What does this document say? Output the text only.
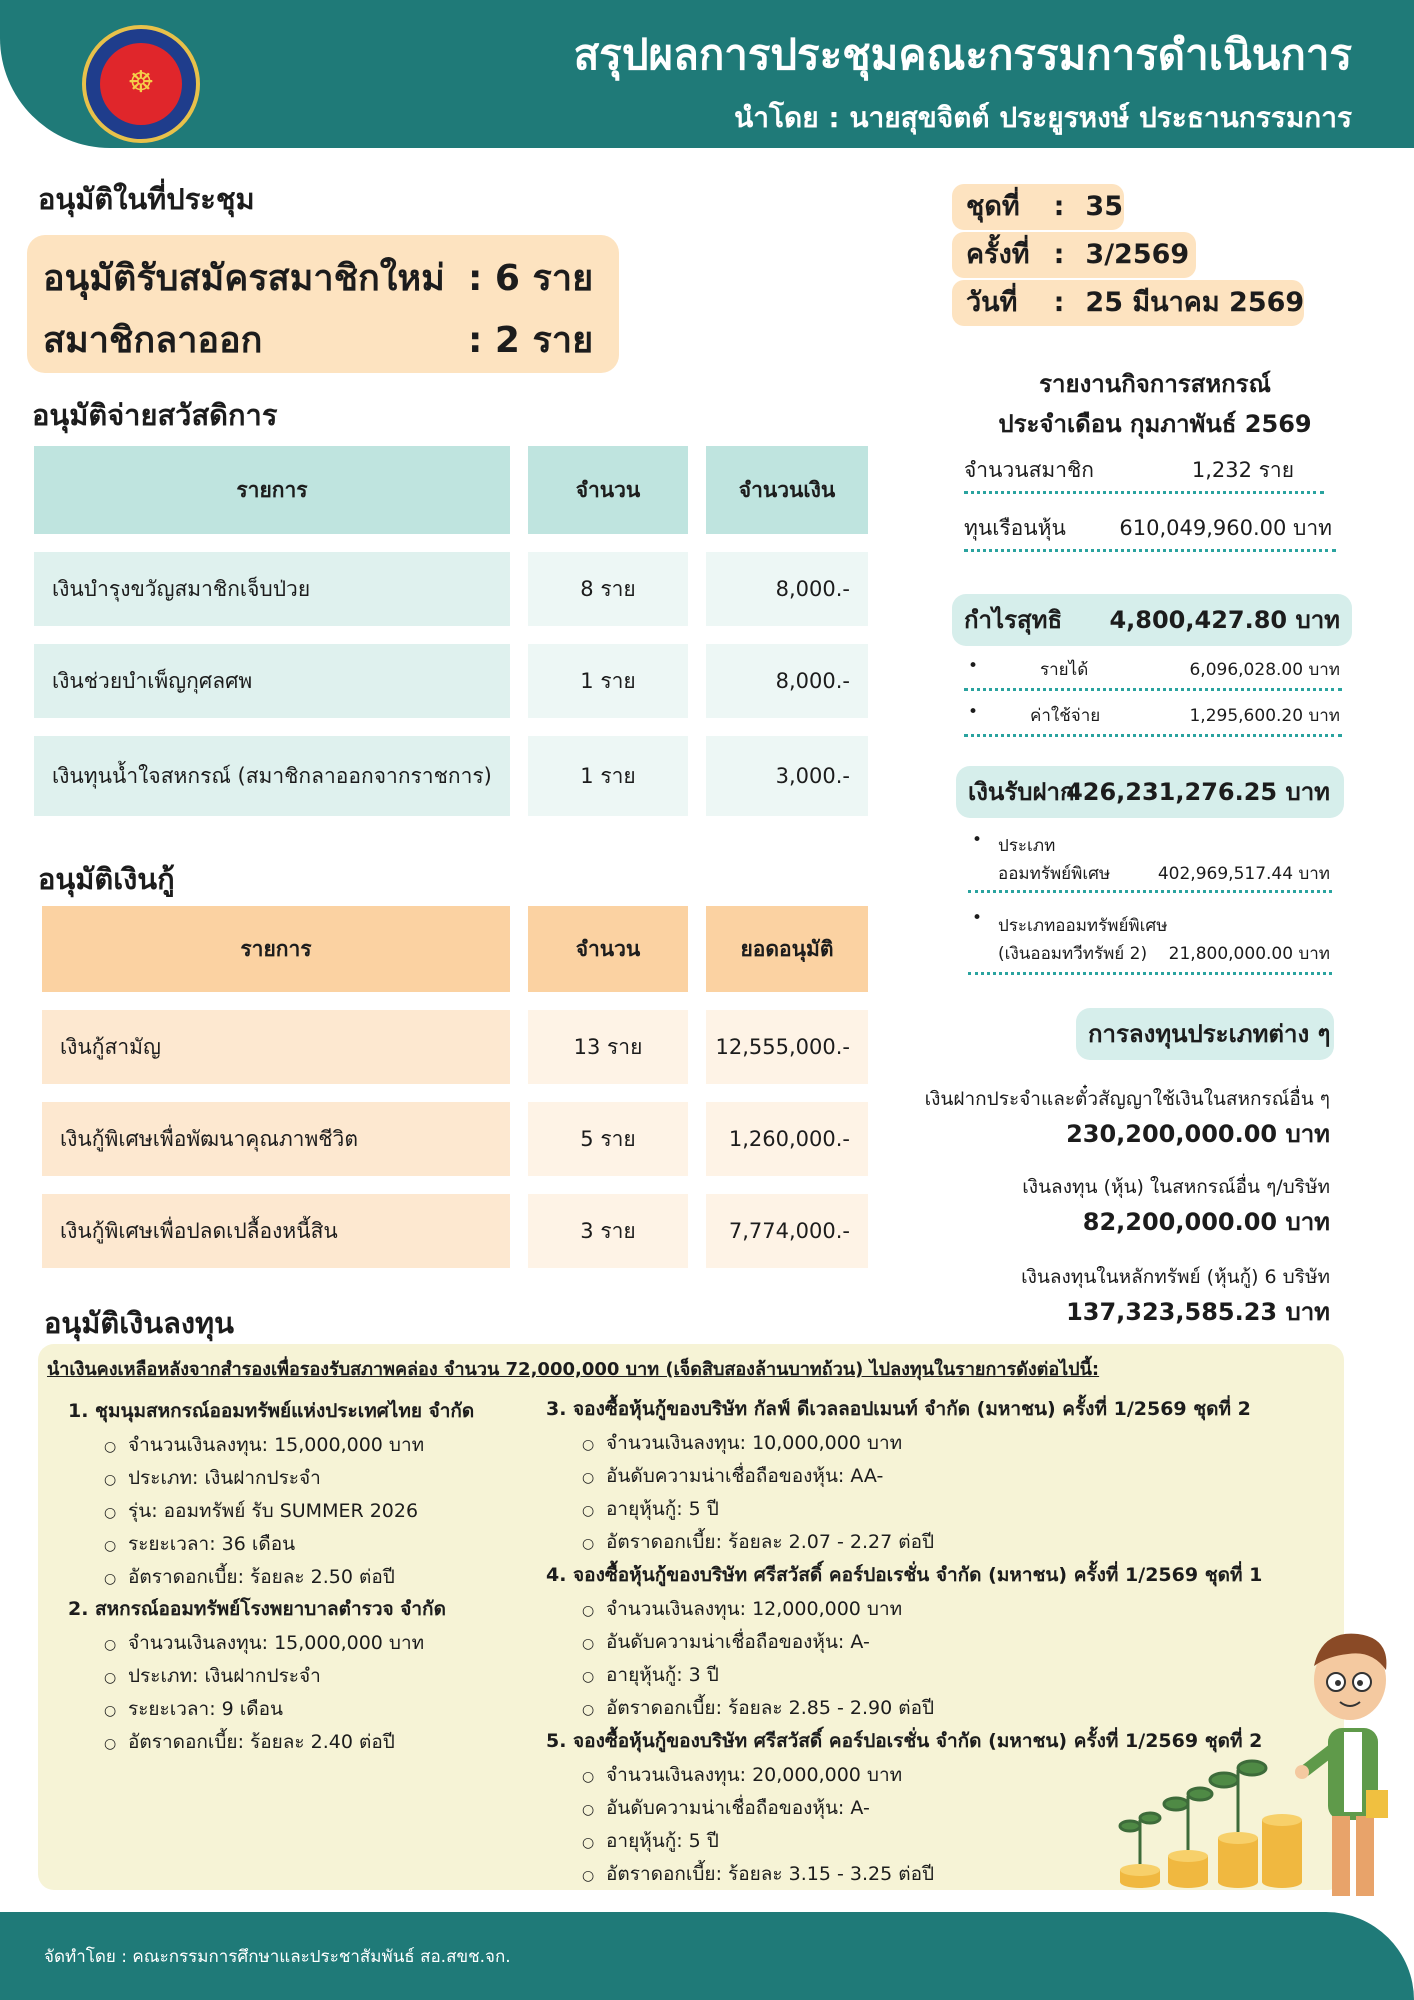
☸
สรุปผลการประชุมคณะกรรมการดำเนินการ
นำโดย : นายสุขจิตต์ ประยูรหงษ์ ประธานกรรมการ
อนุมัติในที่ประชุม
อนุมัติรับสมัครสมาชิกใหม่ : 6 ราย
สมาชิกลาออก	: 2 ราย
ชุดที่ : 35
ครั้งที่ : 3/2569
วันที่ : 25 มีนาคม 2569
อนุมัติจ่ายสวัสดิการ
รายการ	จำนวน	จำนวนเงิน
เงินบำรุงขวัญสมาชิกเจ็บป่วย	8 ราย	8,000.-
เงินช่วยบำเพ็ญกุศลศพ	1 ราย	8,000.-
เงินทุนน้ำใจสหกรณ์ (สมาชิกลาออกจากราชการ)	1 ราย	3,000.-
อนุมัติเงินกู้
รายการ	จำนวน	ยอดอนุมัติ
เงินกู้สามัญ	13 ราย	12,555,000.-
เงินกู้พิเศษเพื่อพัฒนาคุณภาพชีวิต	5 ราย	1,260,000.-
เงินกู้พิเศษเพื่อปลดเปลื้องหนี้สิน	3 ราย	7,774,000.-
รายงานกิจการสหกรณ์
ประจำเดือน กุมภาพันธ์ 2569
จำนวนสมาชิก	1,232 ราย
ทุนเรือนหุ้น	610,049,960.00 บาท
กำไรสุทธิ 4,800,427.80 บาท
•	รายได้	6,096,028.00 บาท
•	ค่าใช้จ่าย	1,295,600.20 บาท
เงินรับฝาก
426,231,276.25 บาท
• ประเภท
ออมทรัพย์พิเศษ	402,969,517.44 บาท
• ประเภทออมทรัพย์พิเศษ
(เงินออมทวีทรัพย์ 2) 21,800,000.00 บาท
การลงทุนประเภทต่าง ๆ
เงินฝากประจำและตั๋วสัญญาใช้เงินในสหกรณ์อื่น ๆ
230,200,000.00 บาท
เงินลงทุน (หุ้น) ในสหกรณ์อื่น ๆ/บริษัท
82,200,000.00 บาท
เงินลงทุนในหลักทรัพย์ (หุ้นกู้) 6 บริษัท
137,323,585.23 บาท
อนุมัติเงินลงทุน
นำเงินคงเหลือหลังจากสำรองเพื่อรองรับสภาพคล่อง จำนวน 72,000,000 บาท (เจ็ดสิบสองล้านบาทถ้วน) ไปลงทุนในรายการดังต่อไปนี้:
1. ชุมนุมสหกรณ์ออมทรัพย์แห่งประเทศไทย จำกัด
○ จำนวนเงินลงทุน: 15,000,000 บาท
○ ประเภท: เงินฝากประจำ
○ รุ่น: ออมทรัพย์ รับ SUMMER 2026
○ ระยะเวลา: 36 เดือน
○ อัตราดอกเบี้ย: ร้อยละ 2.50 ต่อปี
2. สหกรณ์ออมทรัพย์โรงพยาบาลตำรวจ จำกัด
○ จำนวนเงินลงทุน: 15,000,000 บาท
○ ประเภท: เงินฝากประจำ
○ ระยะเวลา: 9 เดือน
○ อัตราดอกเบี้ย: ร้อยละ 2.40 ต่อปี
3. จองซื้อหุ้นกู้ของบริษัท กัลฟ์ ดีเวลลอปเมนท์ จำกัด (มหาชน) ครั้งที่ 1/2569 ชุดที่ 2
○ จำนวนเงินลงทุน: 10,000,000 บาท
○ อันดับความน่าเชื่อถือของหุ้น: AA-
○ อายุหุ้นกู้: 5 ปี
○ อัตราดอกเบี้ย: ร้อยละ 2.07 - 2.27 ต่อปี
4. จองซื้อหุ้นกู้ของบริษัท ศรีสวัสดิ์ คอร์ปอเรชั่น จำกัด (มหาชน) ครั้งที่ 1/2569 ชุดที่ 1
○ จำนวนเงินลงทุน: 12,000,000 บาท
○ อันดับความน่าเชื่อถือของหุ้น: A-
○ อายุหุ้นกู้: 3 ปี
○ อัตราดอกเบี้ย: ร้อยละ 2.85 - 2.90 ต่อปี
5. จองซื้อหุ้นกู้ของบริษัท ศรีสวัสดิ์ คอร์ปอเรชั่น จำกัด (มหาชน) ครั้งที่ 1/2569 ชุดที่ 2
○ จำนวนเงินลงทุน: 20,000,000 บาท
○ อันดับความน่าเชื่อถือของหุ้น: A-
○ อายุหุ้นกู้: 5 ปี
○ อัตราดอกเบี้ย: ร้อยละ 3.15 - 3.25 ต่อปี
จัดทำโดย : คณะกรรมการศึกษาและประชาสัมพันธ์ สอ.สขช.จก.
